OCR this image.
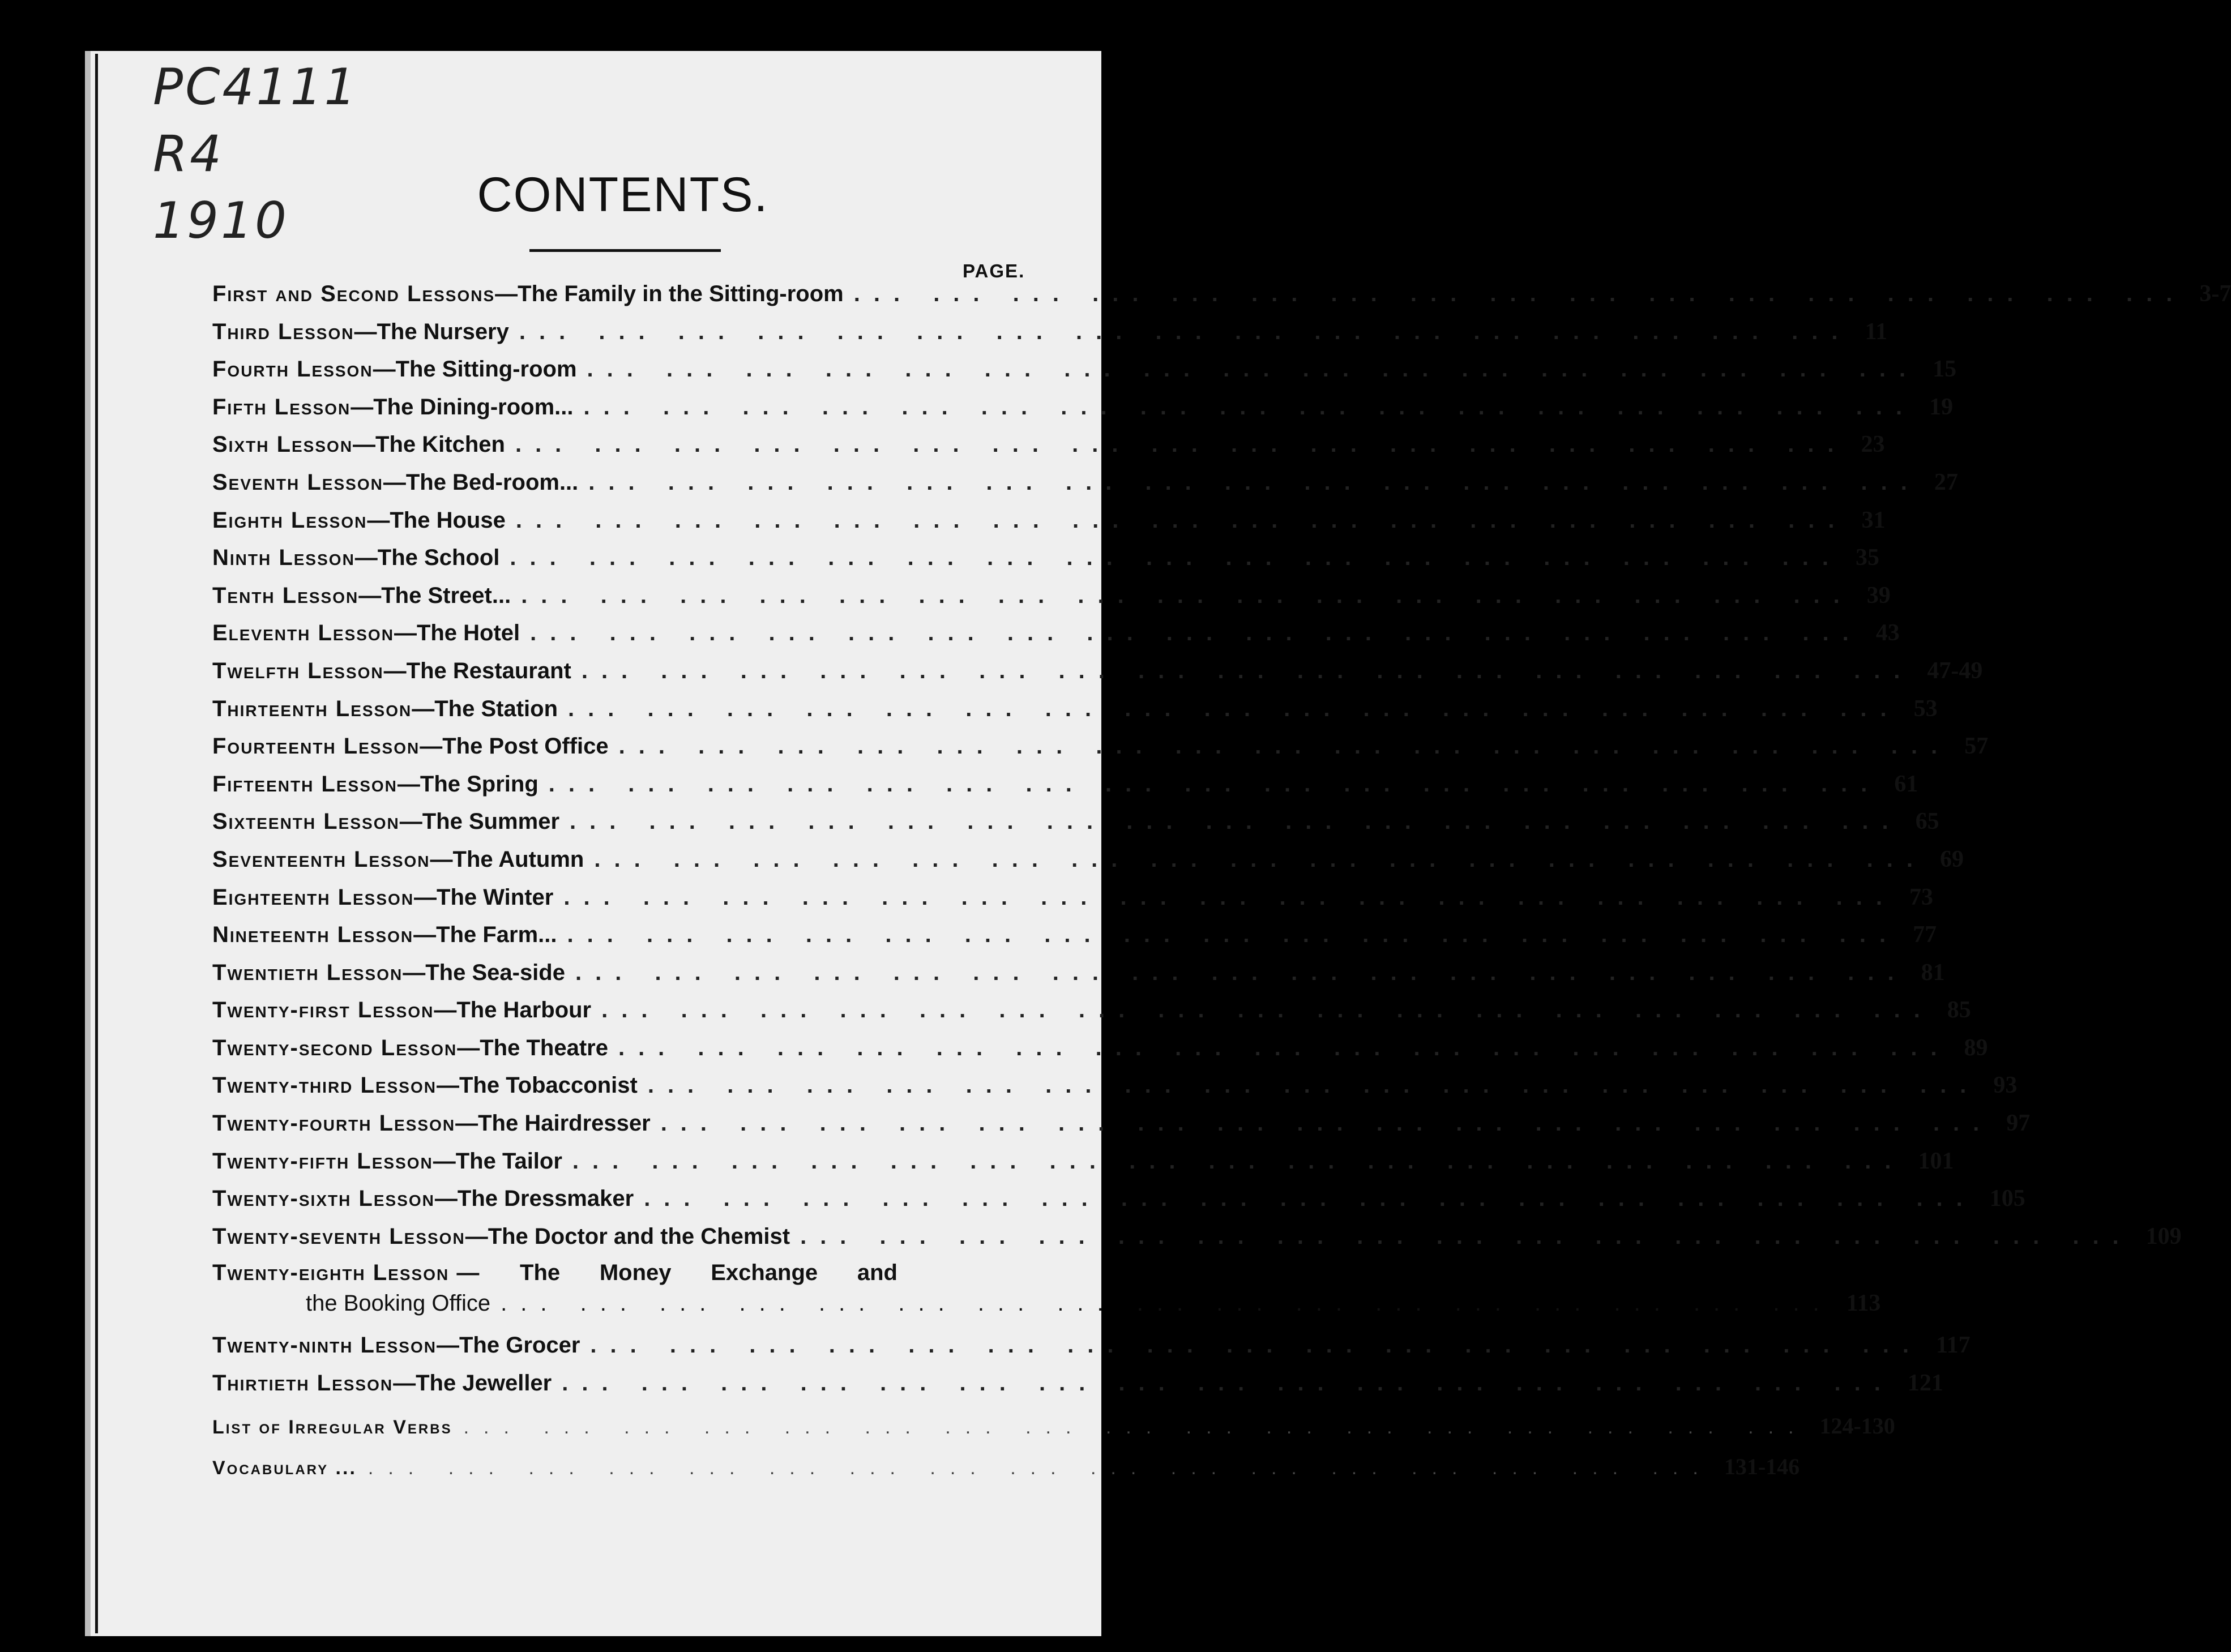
PC4111
R4
1910	CONTENTS.
PAGE.
First and Second Lessons — The Family in the Sitting-room ... ... ... ... ... ... ... ... ... ... ... ... ... ... ... ... ... 3-7
Third Lesson — The Nursery ... ... ... ... ... ... ... ... ... ... ... ... ... ... ... ... ... 11
Fourth Lesson — The Sitting-room ... ... ... ... ... ... ... ... ... ... ... ... ... ... ... ... ... 15
Fifth Lesson — The Dining-room... ... ... ... ... ... ... ... ... ... ... ... ... ... ... ... ... ... 19
Sixth Lesson — The Kitchen ... ... ... ... ... ... ... ... ... ... ... ... ... ... ... ... ... 23
Seventh Lesson — The Bed-room... ... ... ... ... ... ... ... ... ... ... ... ... ... ... ... ... ... 27
Eighth Lesson — The House ... ... ... ... ... ... ... ... ... ... ... ... ... ... ... ... ... 31
Ninth Lesson — The School ... ... ... ... ... ... ... ... ... ... ... ... ... ... ... ... ... 35
Tenth Lesson — The Street... ... ... ... ... ... ... ... ... ... ... ... ... ... ... ... ... ... 39
Eleventh Lesson — The Hotel ... ... ... ... ... ... ... ... ... ... ... ... ... ... ... ... ... 43
Twelfth Lesson — The Restaurant ... ... ... ... ... ... ... ... ... ... ... ... ... ... ... ... ... 47-49
Thirteenth Lesson — The Station ... ... ... ... ... ... ... ... ... ... ... ... ... ... ... ... ... 53
Fourteenth Lesson — The Post Office ... ... ... ... ... ... ... ... ... ... ... ... ... ... ... ... ... 57
Fifteenth Lesson — The Spring ... ... ... ... ... ... ... ... ... ... ... ... ... ... ... ... ... 61
Sixteenth Lesson — The Summer ... ... ... ... ... ... ... ... ... ... ... ... ... ... ... ... ... 65
Seventeenth Lesson — The Autumn ... ... ... ... ... ... ... ... ... ... ... ... ... ... ... ... ... 69
Eighteenth Lesson — The Winter ... ... ... ... ... ... ... ... ... ... ... ... ... ... ... ... ... 73
Nineteenth Lesson — The Farm... ... ... ... ... ... ... ... ... ... ... ... ... ... ... ... ... ... 77
Twentieth Lesson — The Sea-side ... ... ... ... ... ... ... ... ... ... ... ... ... ... ... ... ... 81
Twenty-first Lesson — The Harbour ... ... ... ... ... ... ... ... ... ... ... ... ... ... ... ... ... 85
Twenty-second Lesson — The Theatre ... ... ... ... ... ... ... ... ... ... ... ... ... ... ... ... ... 89
Twenty-third Lesson — The Tobacconist ... ... ... ... ... ... ... ... ... ... ... ... ... ... ... ... ... 93
Twenty-fourth Lesson — The Hairdresser ... ... ... ... ... ... ... ... ... ... ... ... ... ... ... ... ... 97
Twenty-fifth Lesson — The Tailor ... ... ... ... ... ... ... ... ... ... ... ... ... ... ... ... ... 101
Twenty-sixth Lesson — The Dressmaker ... ... ... ... ... ... ... ... ... ... ... ... ... ... ... ... ... 105
Twenty-seventh Lesson — The Doctor and the Chemist ... ... ... ... ... ... ... ... ... ... ... ... ... ... ... ... ... 109
Twenty-eighth Lesson — The Money Exchange and
the Booking Office ... ... ... ... ... ... ... ... ... ... ... ... ... ... ... ... ... 113
Twenty-ninth Lesson — The Grocer ... ... ... ... ... ... ... ... ... ... ... ... ... ... ... ... ... 117
Thirtieth Lesson — The Jeweller ... ... ... ... ... ... ... ... ... ... ... ... ... ... ... ... ... 121
List of Irregular Verbs ... ... ... ... ... ... ... ... ... ... ... ... ... ... ... ... ... 124-130
Vocabulary ... ... ... ... ... ... ... ... ... ... ... ... ... ... ... ... ... ... 131-146
